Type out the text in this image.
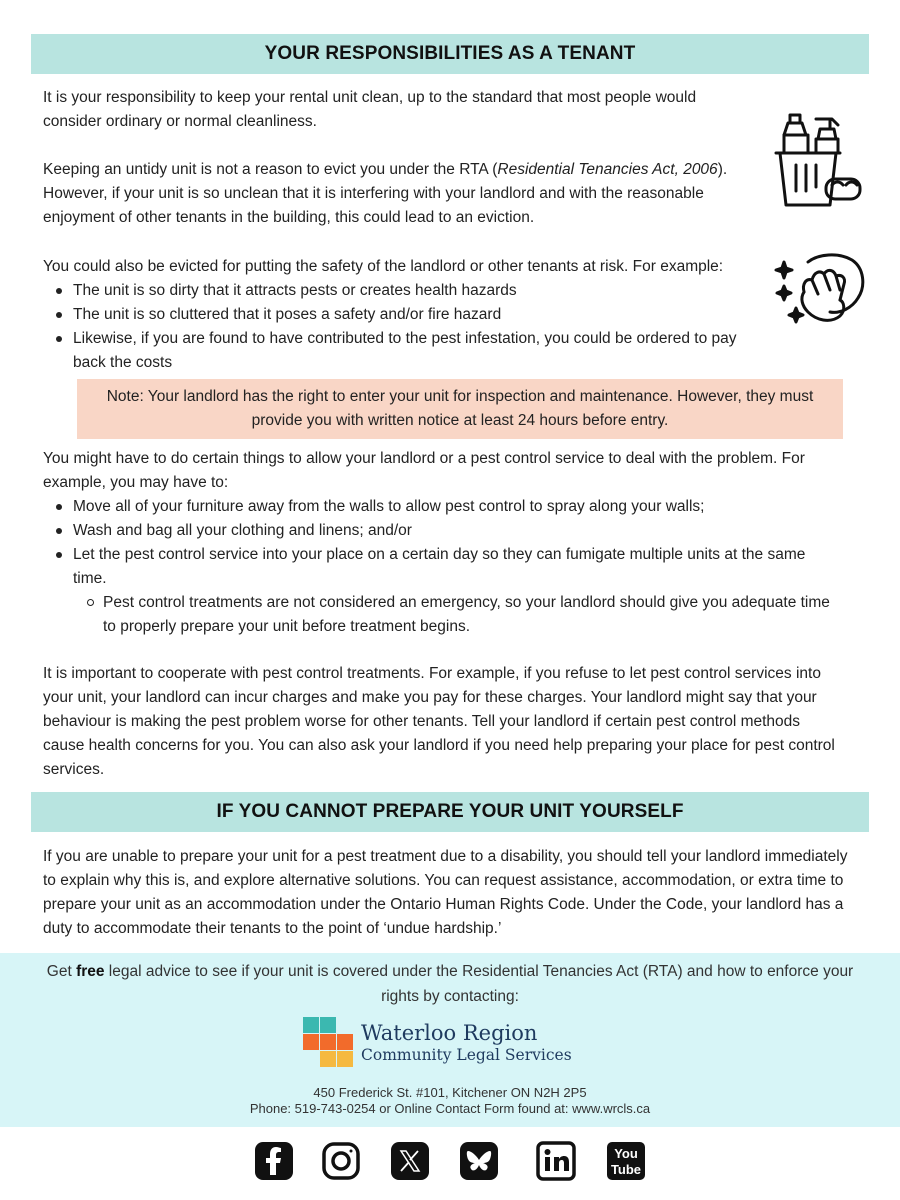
YOUR RESPONSIBILITIES AS A TENANT

It is your responsibility to keep your rental unit clean, up to the standard that most people would consider ordinary or normal cleanliness.

Keeping an untidy unit is not a reason to evict you under the RTA (Residential Tenancies Act, 2006). However, if your unit is so unclean that it is interfering with your landlord and with the reasonable enjoyment of other tenants in the building, this could lead to an eviction.

You could also be evicted for putting the safety of the landlord or other tenants at risk. For example:

The unit is so dirty that it attracts pests or creates health hazards
The unit is so cluttered that it poses a safety and/or fire hazard
Likewise, if you are found to have contributed to the pest infestation, you could be ordered to pay back the costs
Note: Your landlord has the right to enter your unit for inspection and maintenance. However, they must provide you with written notice at least 24 hours before entry.

You might have to do certain things to allow your landlord or a pest control service to deal with the problem. For example, you may have to:

Move all of your furniture away from the walls to allow pest control to spray along your walls;
Wash and bag all your clothing and linens; and/or
Let the pest control service into your place on a certain day so they can fumigate multiple units at the same time.
Pest control treatments are not considered an emergency, so your landlord should give you adequate time to properly prepare your unit before treatment begins.

It is important to cooperate with pest control treatments. For example, if you refuse to let pest control services into your unit, your landlord can incur charges and make you pay for these charges. Your landlord might say that your behaviour is making the pest problem worse for other tenants. Tell your landlord if certain pest control methods cause health concerns for you. You can also ask your landlord if you need help preparing your place for pest control services.

IF YOU CANNOT PREPARE YOUR UNIT YOURSELF

If you are unable to prepare your unit for a pest treatment due to a disability, you should tell your landlord immediately to explain why this is, and explore alternative solutions. You can request assistance, accommodation, or extra time to prepare your unit as an accommodation under the Ontario Human Rights Code. Under the Code, your landlord has a duty to accommodate their tenants to the point of ‘undue hardship.’

Get free legal advice to see if your unit is covered under the Residential Tenancies Act (RTA) and how to enforce your rights by contacting:
Waterloo Region
Community Legal Services
450 Frederick St. #101, Kitchener ON N2H 2P5
Phone: 519-743-0254 or Online Contact Form found at: www.wrcls.ca
You
Tube
